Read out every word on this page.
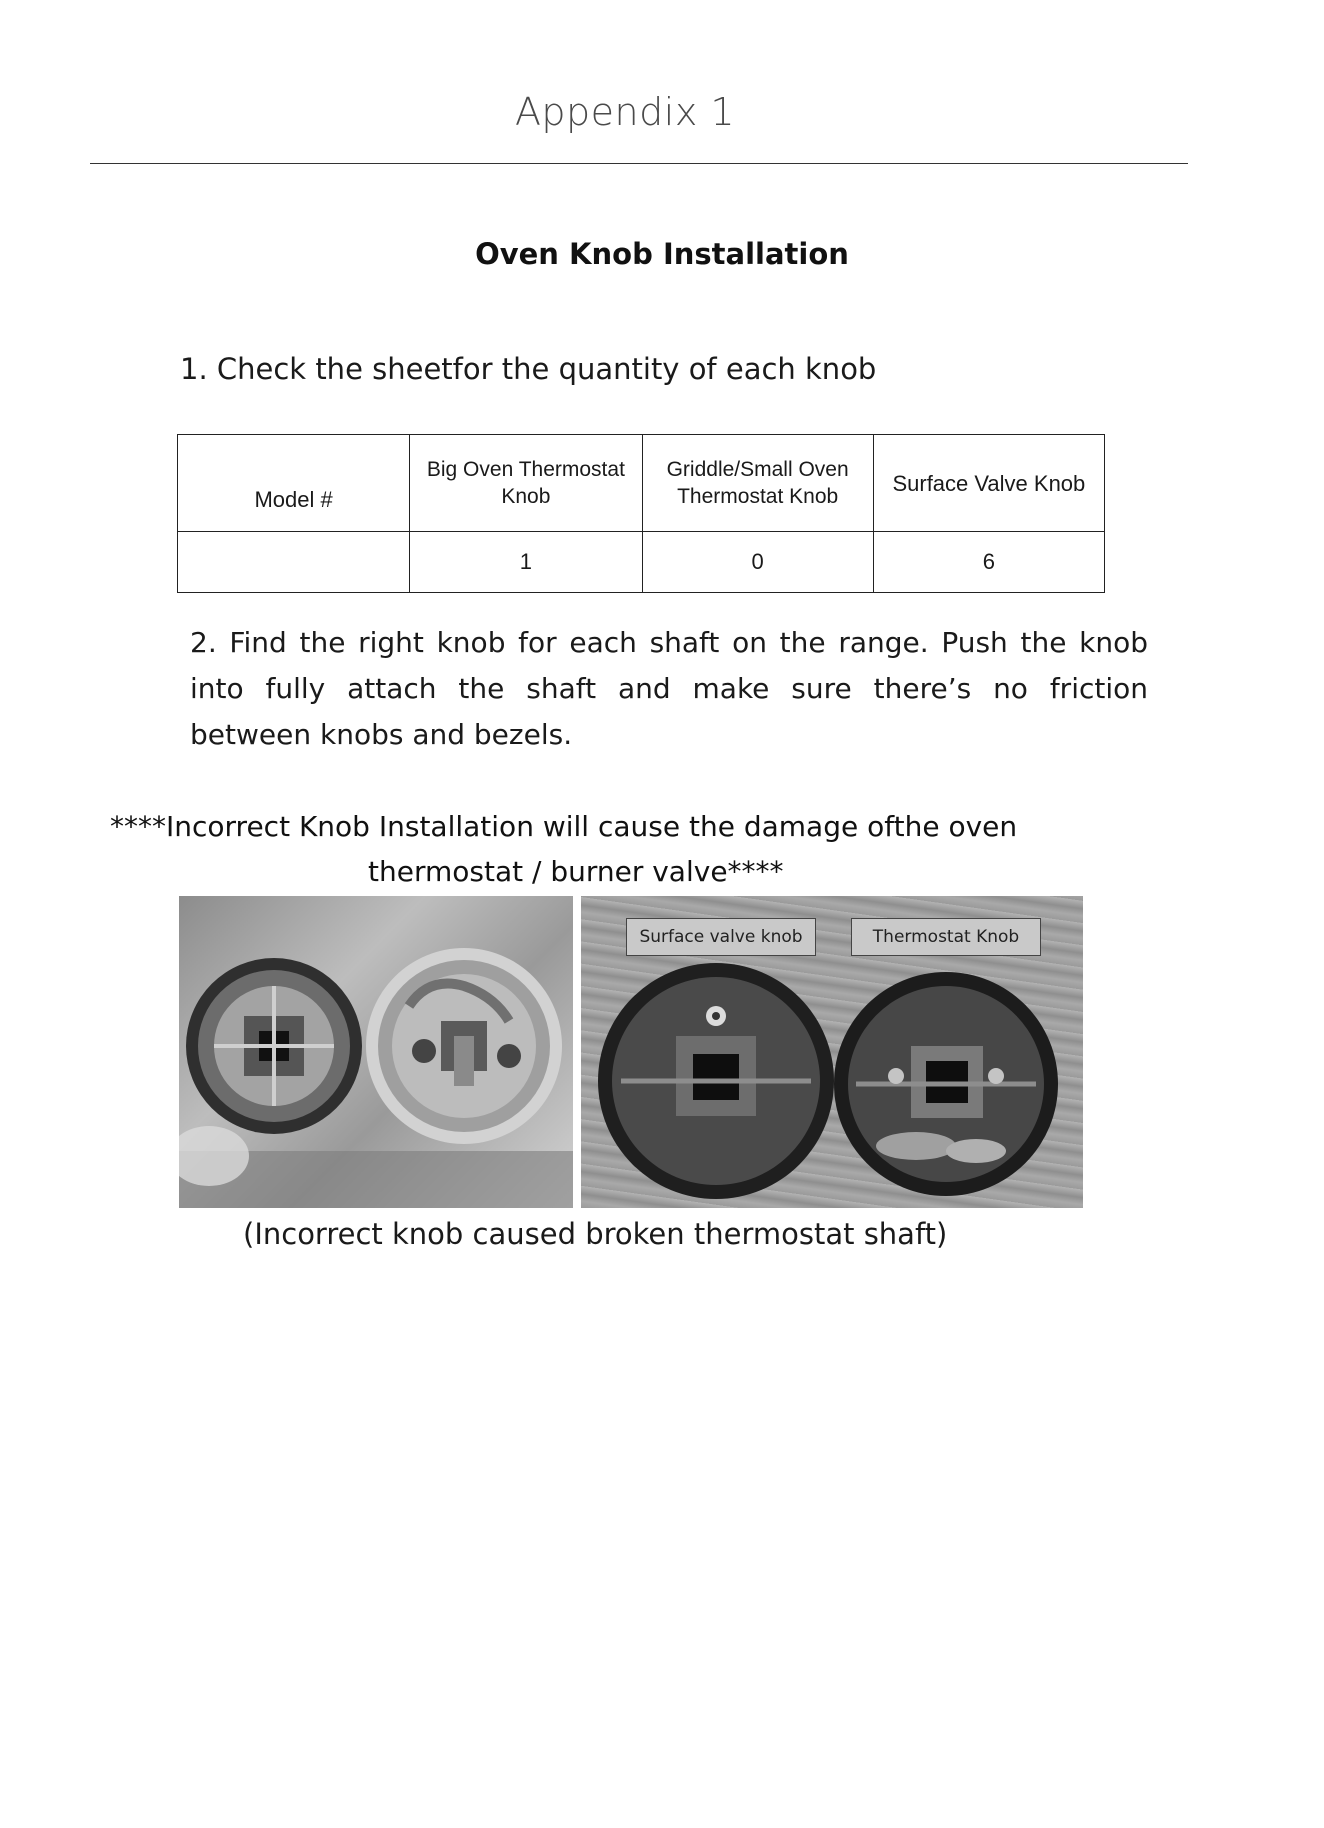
Appendix 1
Oven Knob Installation
1. Check the sheetfor the quantity of each knob
Model #	Big Oven Thermostat Knob	Griddle/Small Oven Thermostat Knob	Surface Valve Knob
	1	0	6
2. Find the right knob for each shaft on the range. Push the knob into fully attach the shaft and make sure there’s no friction between knobs and bezels.
****Incorrect Knob Installation will cause the damage ofthe oven
thermostat / burner valve****
Surface valve knob	Thermostat Knob
(Incorrect knob caused broken thermostat shaft)
